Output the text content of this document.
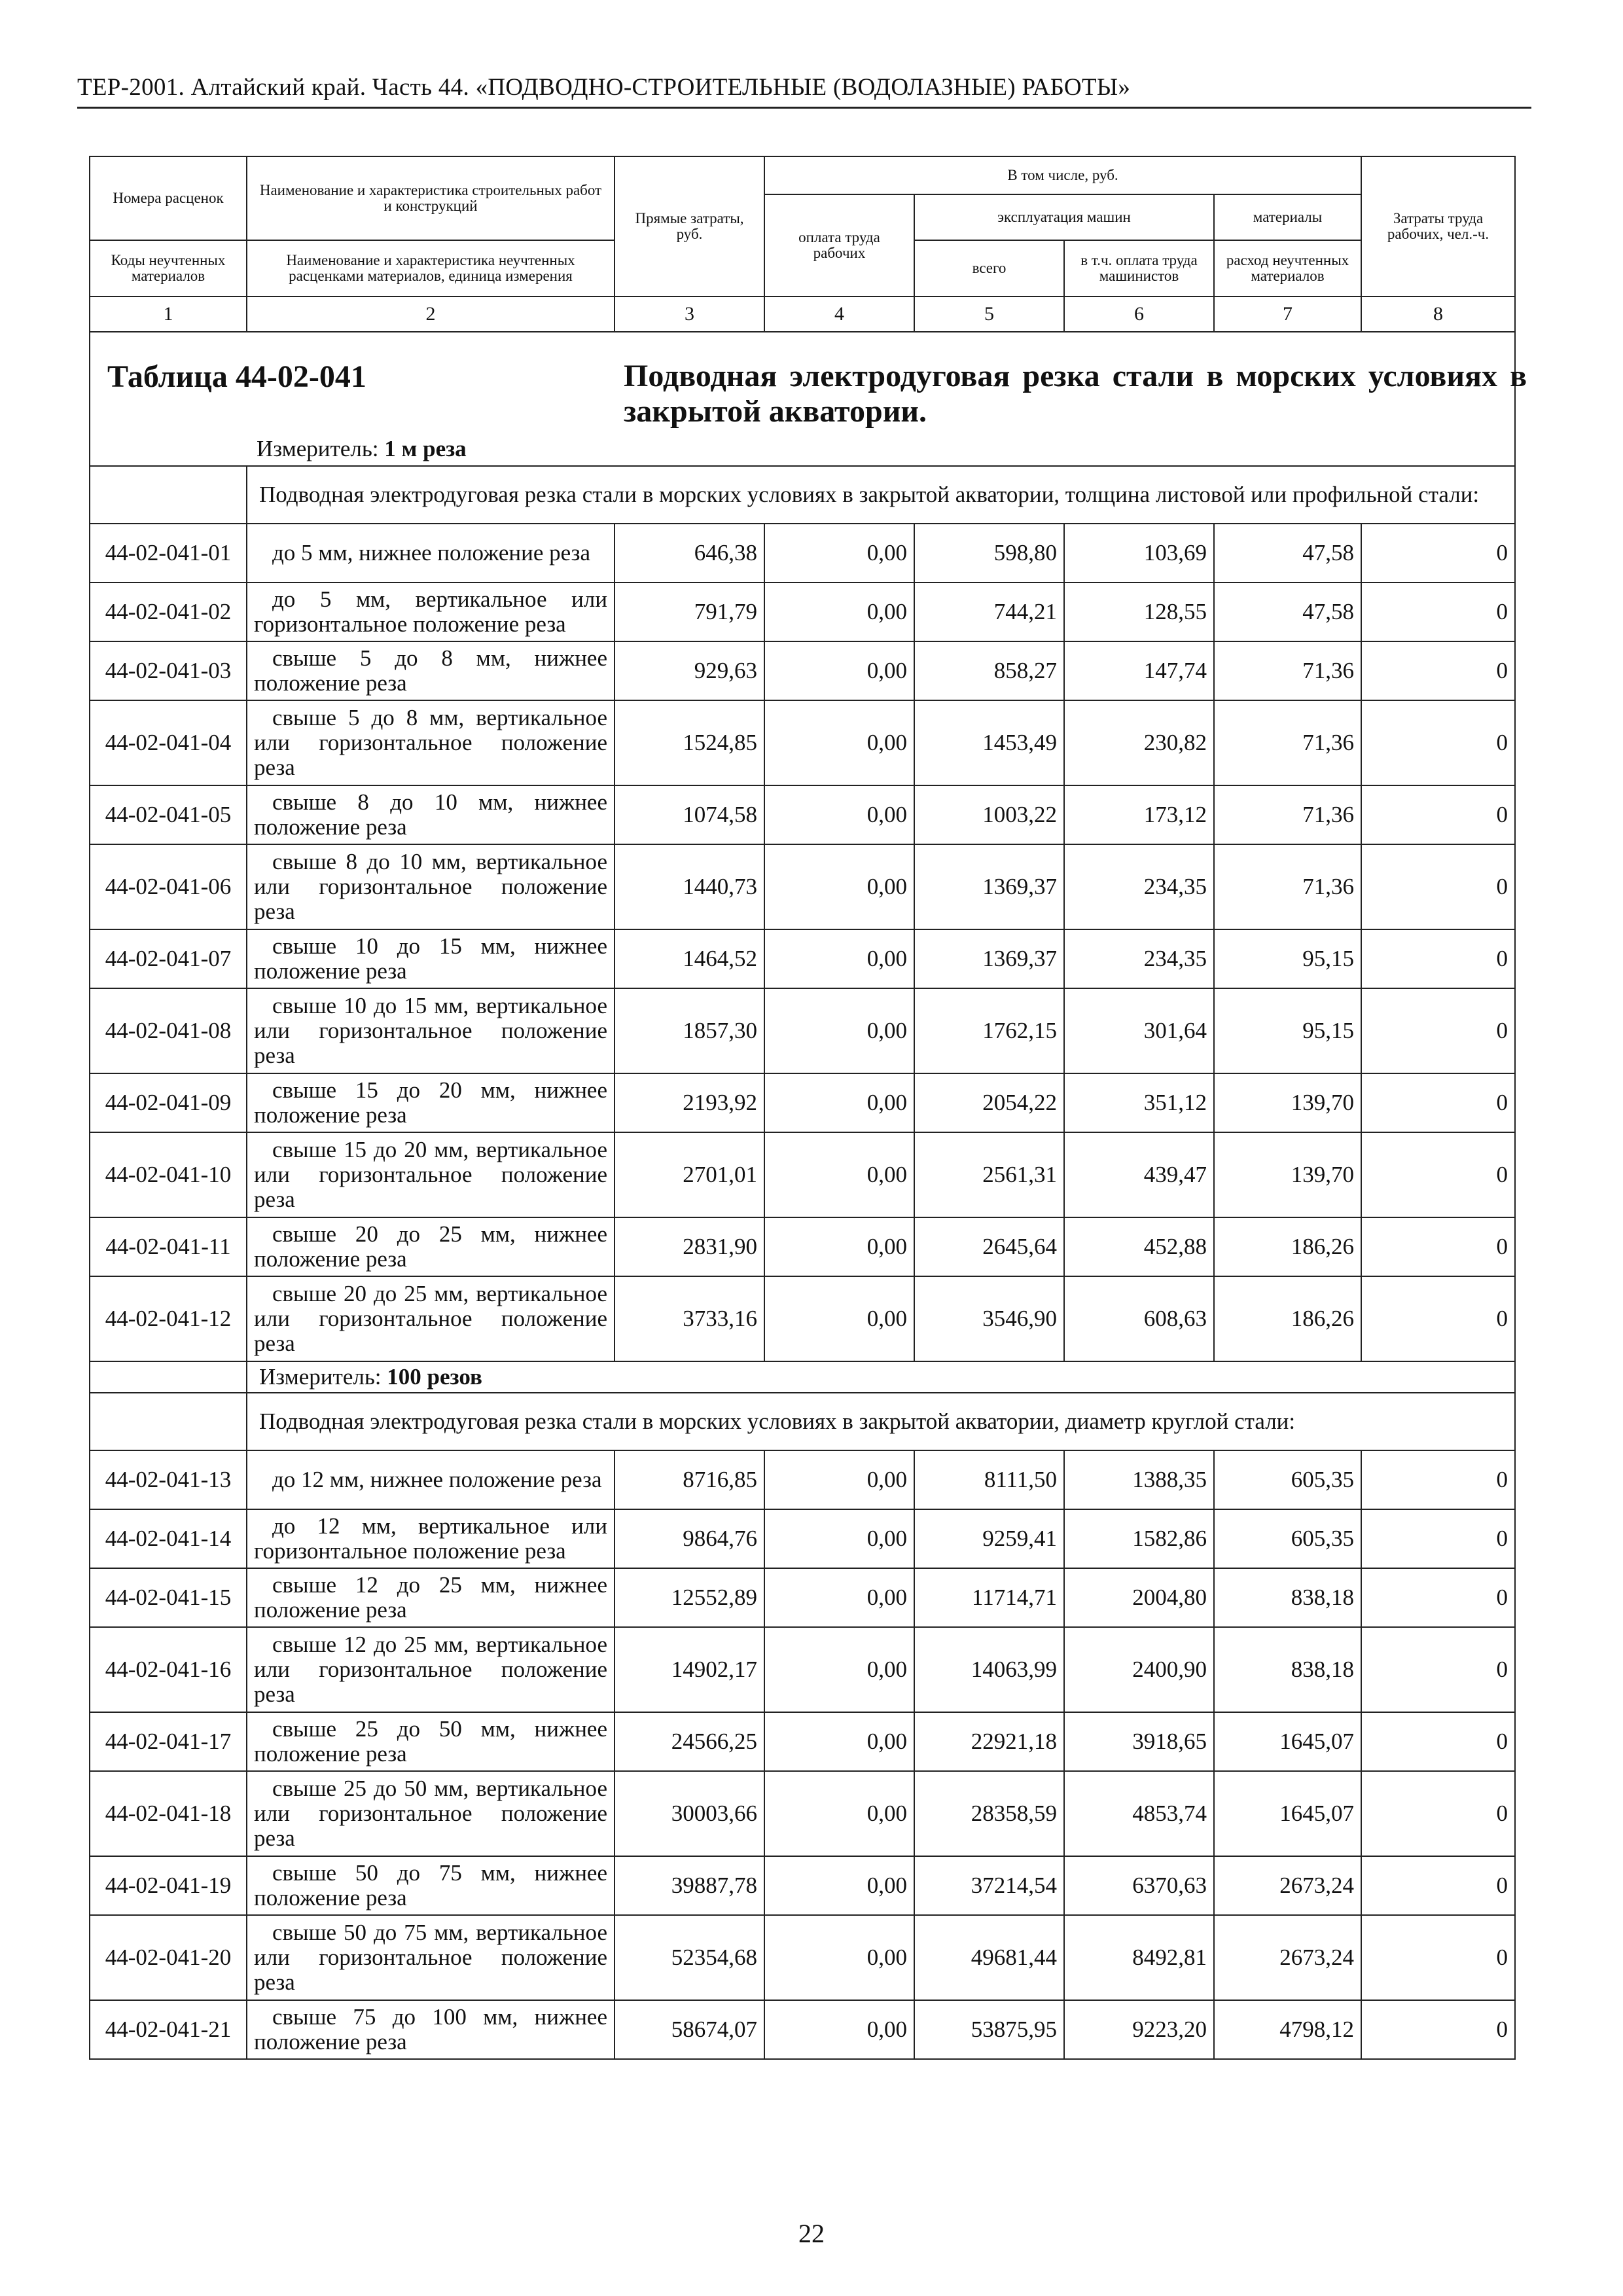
ТЕР-2001. Алтайский край. Часть 44. «ПОДВОДНО-СТРОИТЕЛЬНЫЕ (ВОДОЛАЗНЫЕ) РАБОТЫ»
Номера расценок	Наименование и характеристика строительных работ и конструкций	Прямые затраты, руб.	В том числе, руб.				Затраты труда рабочих, чел.-ч.
			оплата труда рабочих	эксплуатация машин		материалы	
Коды неучтенных материалов	Наименование и характеристика неучтенных расценками материалов, единица измерения			всего	в т.ч. оплата труда машинистов	расход неучтенных материалов	

1	2	3	4	5	6	7	8

Таблица 44-02-041 Подводная электродуговая резка стали в морских условиях в закрытой акватории.
Измеритель: 1 м реза							

	Подводная электродуговая резка стали в морских условиях в закрытой акватории, толщина листовой или профильной стали:						
44-02-041-01	до 5 мм, нижнее положение реза	646,38	0,00	598,80	103,69	47,58	0
44-02-041-02	до 5 мм, вертикальное или горизонтальное положение реза	791,79	0,00	744,21	128,55	47,58	0
44-02-041-03	свыше 5 до 8 мм, нижнее положение реза	929,63	0,00	858,27	147,74	71,36	0
44-02-041-04	свыше 5 до 8 мм, вертикальное или горизонтальное положение реза	1524,85	0,00	1453,49	230,82	71,36	0
44-02-041-05	свыше 8 до 10 мм, нижнее положение реза	1074,58	0,00	1003,22	173,12	71,36	0
44-02-041-06	свыше 8 до 10 мм, вертикальное или горизонтальное положение реза	1440,73	0,00	1369,37	234,35	71,36	0
44-02-041-07	свыше 10 до 15 мм, нижнее положение реза	1464,52	0,00	1369,37	234,35	95,15	0
44-02-041-08	свыше 10 до 15 мм, вертикальное или горизонтальное положение реза	1857,30	0,00	1762,15	301,64	95,15	0
44-02-041-09	свыше 15 до 20 мм, нижнее положение реза	2193,92	0,00	2054,22	351,12	139,70	0
44-02-041-10	свыше 15 до 20 мм, вертикальное или горизонтальное положение реза	2701,01	0,00	2561,31	439,47	139,70	0
44-02-041-11	свыше 20 до 25 мм, нижнее положение реза	2831,90	0,00	2645,64	452,88	186,26	0
44-02-041-12	свыше 20 до 25 мм, вертикальное или горизонтальное положение реза	3733,16	0,00	3546,90	608,63	186,26	0
	Измеритель: 100 резов						
	Подводная электродуговая резка стали в морских условиях в закрытой акватории, диаметр круглой стали:						
44-02-041-13	до 12 мм, нижнее положение реза	8716,85	0,00	8111,50	1388,35	605,35	0
44-02-041-14	до 12 мм, вертикальное или горизонтальное положение реза	9864,76	0,00	9259,41	1582,86	605,35	0
44-02-041-15	свыше 12 до 25 мм, нижнее положение реза	12552,89	0,00	11714,71	2004,80	838,18	0
44-02-041-16	свыше 12 до 25 мм, вертикальное или горизонтальное положение реза	14902,17	0,00	14063,99	2400,90	838,18	0
44-02-041-17	свыше 25 до 50 мм, нижнее положение реза	24566,25	0,00	22921,18	3918,65	1645,07	0
44-02-041-18	свыше 25 до 50 мм, вертикальное или горизонтальное положение реза	30003,66	0,00	28358,59	4853,74	1645,07	0
44-02-041-19	свыше 50 до 75 мм, нижнее положение реза	39887,78	0,00	37214,54	6370,63	2673,24	0
44-02-041-20	свыше 50 до 75 мм, вертикальное или горизонтальное положение реза	52354,68	0,00	49681,44	8492,81	2673,24	0
44-02-041-21	свыше 75 до 100 мм, нижнее положение реза	58674,07	0,00	53875,95	9223,20	4798,12	0
22
